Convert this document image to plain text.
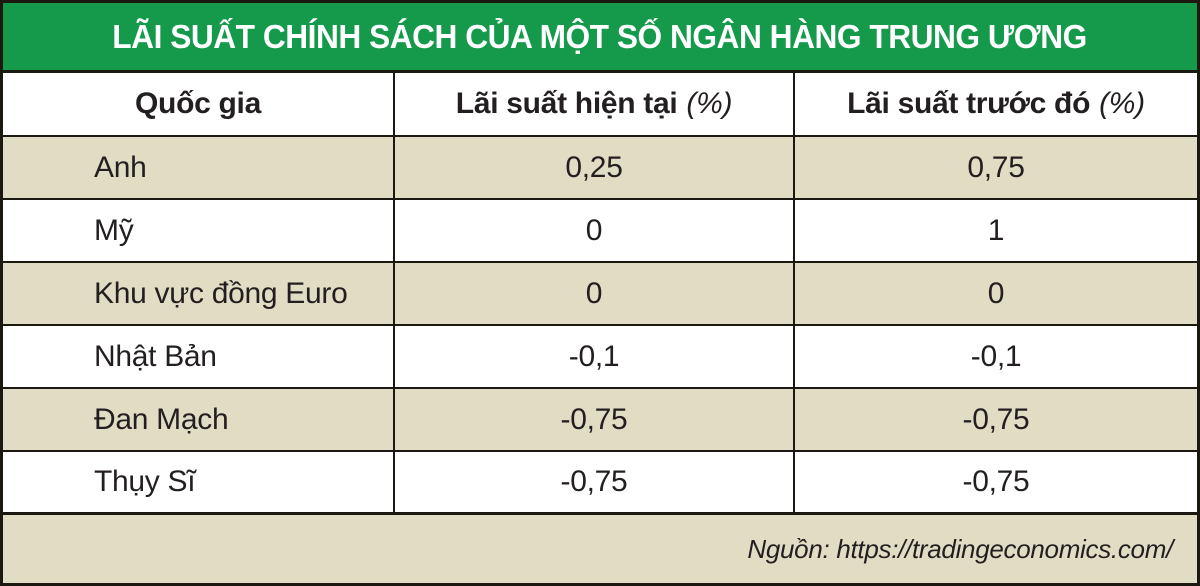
LÃI SUẤT CHÍNH SÁCH CỦA MỘT SỐ NGÂN HÀNG TRUNG ƯƠNG
Quốc gia	Lãi suất hiện tại (%)	Lãi suất trước đó (%)
Anh	0,25	0,75
Mỹ	0	1
Khu vực đồng Euro	0	0
Nhật Bản	-0,1	-0,1
Đan Mạch	-0,75	-0,75
Thụy Sĩ	-0,75	-0,75
Nguồn: https://tradingeconomics.com/
